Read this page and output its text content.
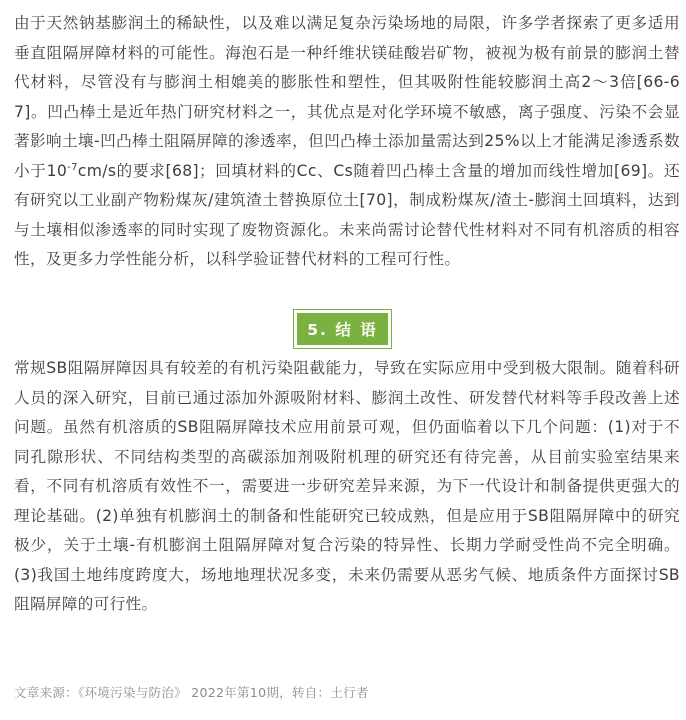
由于天然钠基膨润土的稀缺性，以及难以满足复杂污染场地的局限，许多学者探索了更多适用垂直阻隔屏障材料的可能性。海泡石是一种纤维状镁硅酸岩矿物，被视为极有前景的膨润土替代材料，尽管没有与膨润土相媲美的膨胀性和塑性，但其吸附性能较膨润土高2～3倍[66-67]。凹凸棒土是近年热门研究材料之一，其优点是对化学环境不敏感，离子强度、污染不会显著影响土壤-凹凸棒土阻隔屏障的渗透率，但凹凸棒土添加量需达到25%以上才能满足渗透系数小于$10^{-7}cm/s$的要求[68]；回填材料的Cc、Cs随着凹凸棒土含量的增加而线性增加[69]。还有研究以工业副产物粉煤灰/建筑渣土替换原位土[70]，制成粉煤灰/渣土-膨润土回填料，达到与土壤相似渗透率的同时实现了废物资源化。未来尚需讨论替代性材料对不同有机溶质的相容性，及更多力学性能分析，以科学验证替代材料的工程可行性。

常规SB阻隔屏障因具有较差的有机污染阻截能力，导致在实际应用中受到极大限制。随着科研人员的深入研究，目前已通过添加外源吸附材料、膨润土改性、研发替代材料等手段改善上述问题。虽然有机溶质的SB阻隔屏障技术应用前景可观，但仍面临着以下几个问题：(1)对于不同孔隙形状、不同结构类型的高碳添加剂吸附机理的研究还有待完善，从目前实验室结果来看，不同有机溶质有效性不一，需要进一步研究差异来源，为下一代设计和制备提供更强大的理论基础。(2)单独有机膨润土的制备和性能研究已较成熟，但是应用于SB阻隔屏障中的研究极少，关于土壤-有机膨润土阻隔屏障对复合污染的特异性、长期力学耐受性尚不完全明确。(3)我国土地纬度跨度大，场地地理状况多变，未来仍需要从恶劣气候、地质条件方面探讨SB阻隔屏障的可行性。

5. 结 语
文章来源：《环境污染与防治》 2022年第10期，转自：土行者
